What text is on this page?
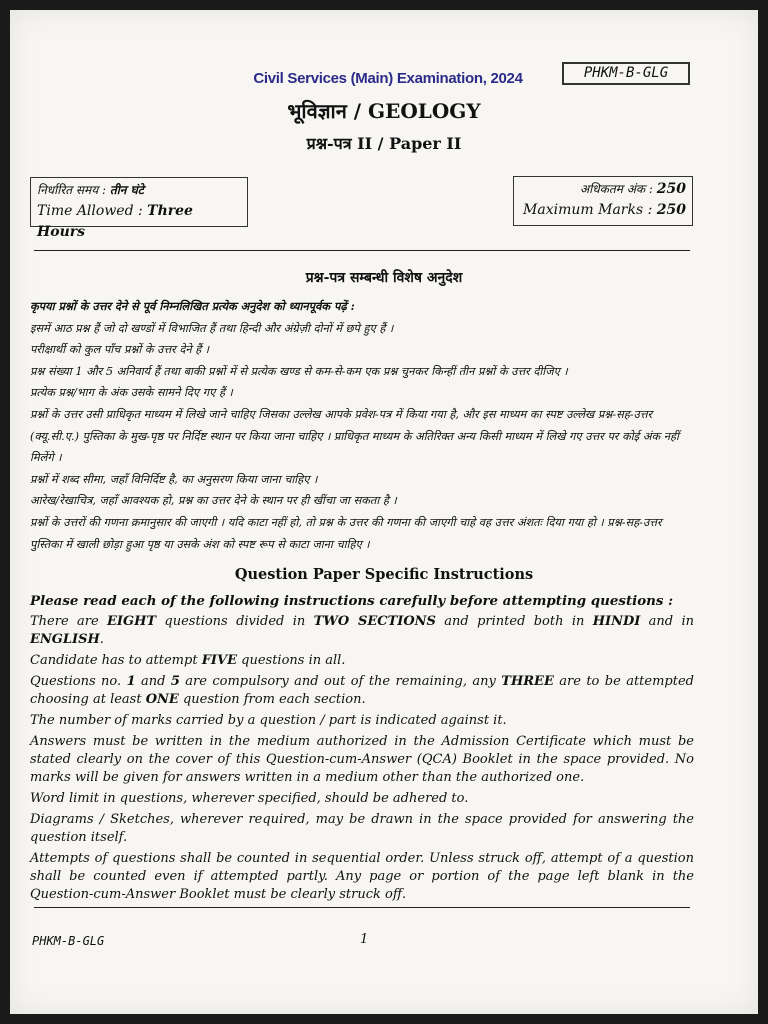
Civil Services (Main) Examination, 2024	PHKM-B-GLG
भूविज्ञान / GEOLOGY
प्रश्न-पत्र II / Paper II
निर्धारित समय : तीन घंटे
Time Allowed : Three Hours
अधिकतम अंक : 250
Maximum Marks : 250
प्रश्न-पत्र सम्बन्धी विशेष अनुदेश

कृपया प्रश्नों के उत्तर देने से पूर्व निम्नलिखित प्रत्येक अनुदेश को ध्यानपूर्वक पढ़ें :

इसमें आठ प्रश्न हैं जो दो खण्डों में विभाजित हैं तथा हिन्दी और अंग्रेज़ी दोनों में छपे हुए हैं ।

परीक्षार्थी को कुल पाँच प्रश्नों के उत्तर देने हैं ।

प्रश्न संख्या 1 और 5 अनिवार्य हैं तथा बाकी प्रश्नों में से प्रत्येक खण्ड से कम-से-कम एक प्रश्न चुनकर किन्हीं तीन प्रश्नों के उत्तर दीजिए ।

प्रत्येक प्रश्न/भाग के अंक उसके सामने दिए गए हैं ।

प्रश्नों के उत्तर उसी प्राधिकृत माध्यम में लिखे जाने चाहिए जिसका उल्लेख आपके प्रवेश-पत्र में किया गया है, और इस माध्यम का स्पष्ट उल्लेख प्रश्न-सह-उत्तर (क्यू.सी.ए.) पुस्तिका के मुख-पृष्ठ पर निर्दिष्ट स्थान पर किया जाना चाहिए । प्राधिकृत माध्यम के अतिरिक्त अन्य किसी माध्यम में लिखे गए उत्तर पर कोई अंक नहीं मिलेंगे ।

प्रश्नों में शब्द सीमा, जहाँ विनिर्दिष्ट है, का अनुसरण किया जाना चाहिए ।

आरेख/रेखाचित्र, जहाँ आवश्यक हो, प्रश्न का उत्तर देने के स्थान पर ही खींचा जा सकता है ।

प्रश्नों के उत्तरों की गणना क्रमानुसार की जाएगी । यदि काटा नहीं हो, तो प्रश्न के उत्तर की गणना की जाएगी चाहे वह उत्तर अंशतः दिया गया हो । प्रश्न-सह-उत्तर पुस्तिका में खाली छोड़ा हुआ पृष्ठ या उसके अंश को स्पष्ट रूप से काटा जाना चाहिए ।

Question Paper Specific Instructions

Please read each of the following instructions carefully before attempting questions :

There are EIGHT questions divided in TWO SECTIONS and printed both in HINDI and in ENGLISH.

Candidate has to attempt FIVE questions in all.

Questions no. 1 and 5 are compulsory and out of the remaining, any THREE are to be attempted choosing at least ONE question from each section.

The number of marks carried by a question / part is indicated against it.

Answers must be written in the medium authorized in the Admission Certificate which must be stated clearly on the cover of this Question-cum-Answer (QCA) Booklet in the space provided. No marks will be given for answers written in a medium other than the authorized one.

Word limit in questions, wherever specified, should be adhered to.

Diagrams / Sketches, wherever required, may be drawn in the space provided for answering the question itself.

Attempts of questions shall be counted in sequential order. Unless struck off, attempt of a question shall be counted even if attempted partly. Any page or portion of the page left blank in the Question-cum-Answer Booklet must be clearly struck off.

PHKM-B-GLG	1
